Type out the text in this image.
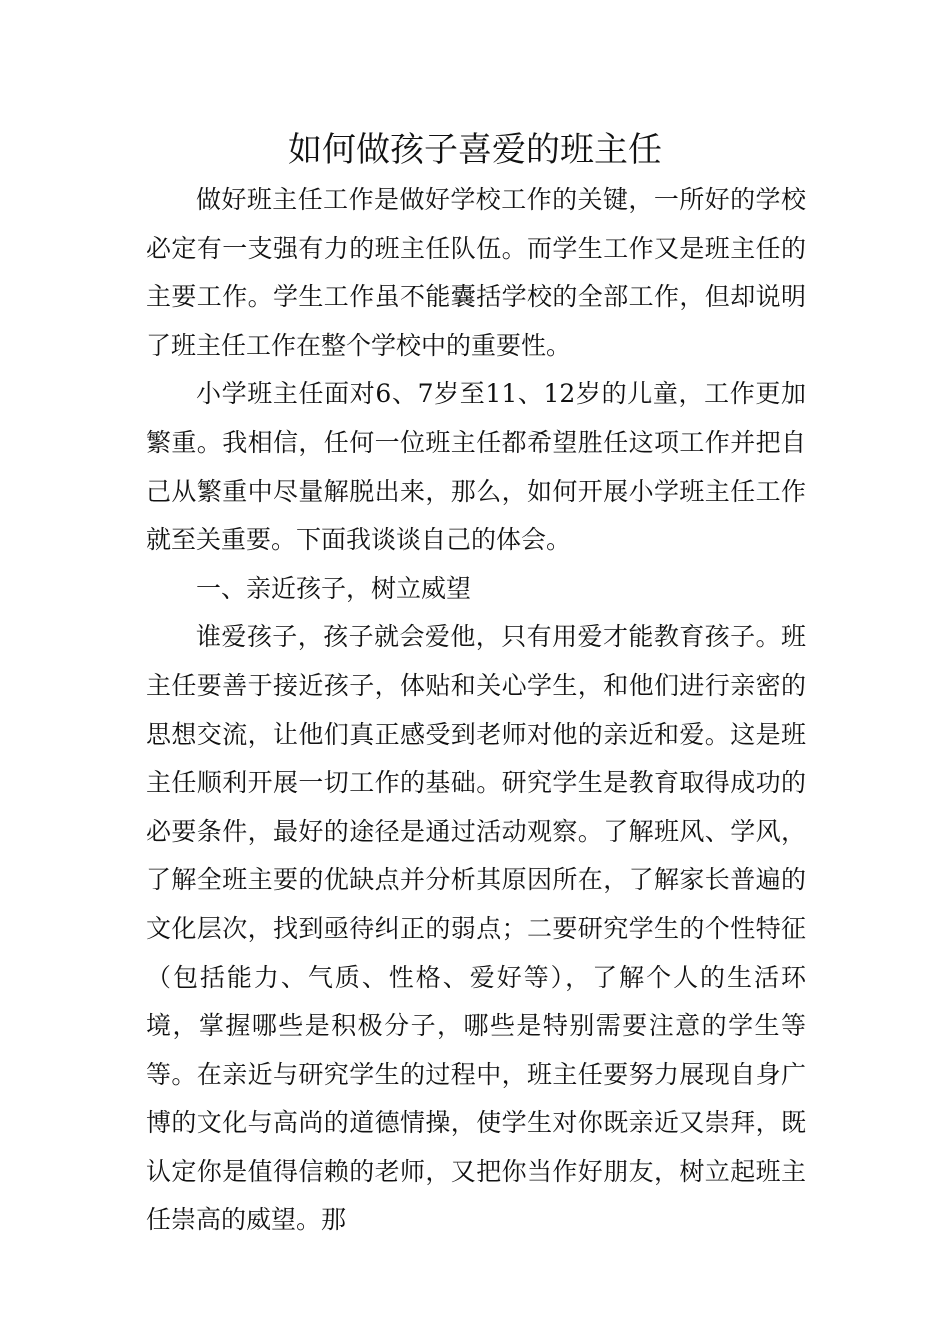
如何做孩子喜爱的班主任

做好班主任工作是做好学校工作的关键，一所好的学校必定有一支强有力的班主任队伍。而学生工作又是班主任的主要工作。学生工作虽不能囊括学校的全部工作，但却说明了班主任工作在整个学校中的重要性。

小学班主任面对6、7岁至11、12岁的儿童，工作更加繁重。我相信，任何一位班主任都希望胜任这项工作并把自己从繁重中尽量解脱出来，那么，如何开展小学班主任工作就至关重要。下面我谈谈自己的体会。

一、亲近孩子，树立威望

谁爱孩子，孩子就会爱他，只有用爱才能教育孩子。班主任要善于接近孩子，体贴和关心学生，和他们进行亲密的思想交流，让他们真正感受到老师对他的亲近和爱。这是班主任顺利开展一切工作的基础。研究学生是教育取得成功的必要条件，最好的途径是通过活动观察。了解班风、学风，了解全班主要的优缺点并分析其原因所在，了解家长普遍的文化层次，找到亟待纠正的弱点；二要研究学生的个性特征（包括能力、气质、性格、爱好等），了解个人的生活环境，掌握哪些是积极分子，哪些是特别需要注意的学生等等。在亲近与研究学生的过程中，班主任要努力展现自身广博的文化与高尚的道德情操，使学生对你既亲近又崇拜，既认定你是值得信赖的老师，又把你当作好朋友，树立起班主任崇高的威望。那
